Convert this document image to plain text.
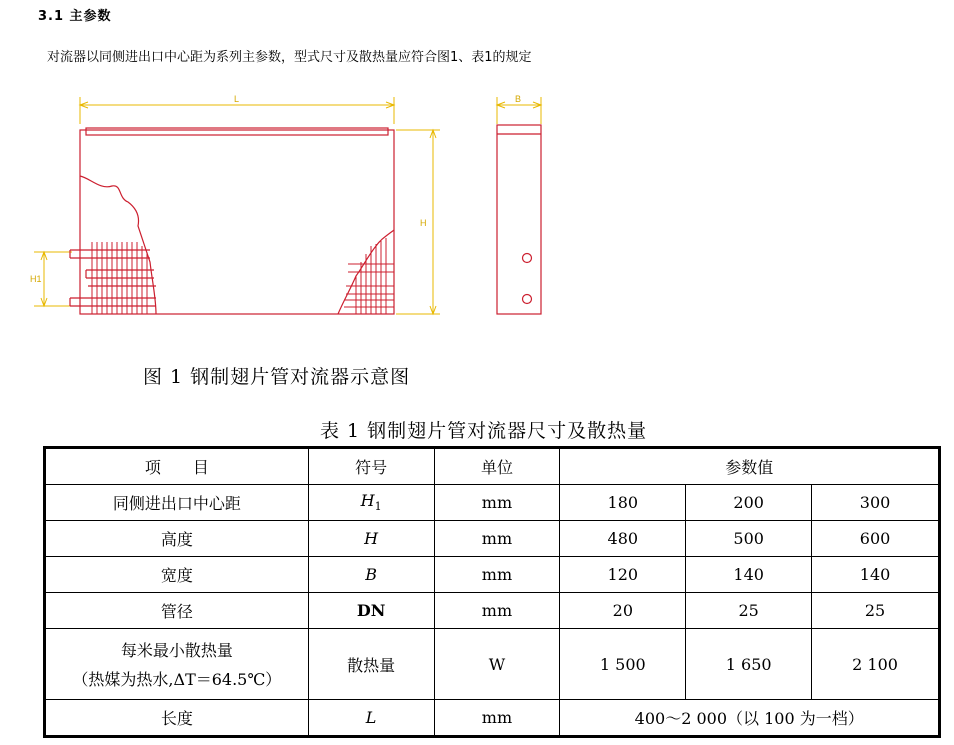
3.1 主参数
对流器以同侧进出口中心距为系列主参数，型式尺寸及散热量应符合图1、表1的规定
L
H
B
H1
图 1 钢制翅片管对流器示意图
表 1 钢制翅片管对流器尺寸及散热量
项　　目	符号	单位	参数值		
同侧进出口中心距	$H_1$	mm	180	200	300
高度	H	mm	480	500	600
宽度	B	mm	120	140	140
管径	DN	mm	20	25	25
每米最小散热量
（热媒为热水,ΔT＝64.5℃）	散热量	W	1 500	1 650	2 100
长度	L	mm	400～2 000（以 100 为一档）		
